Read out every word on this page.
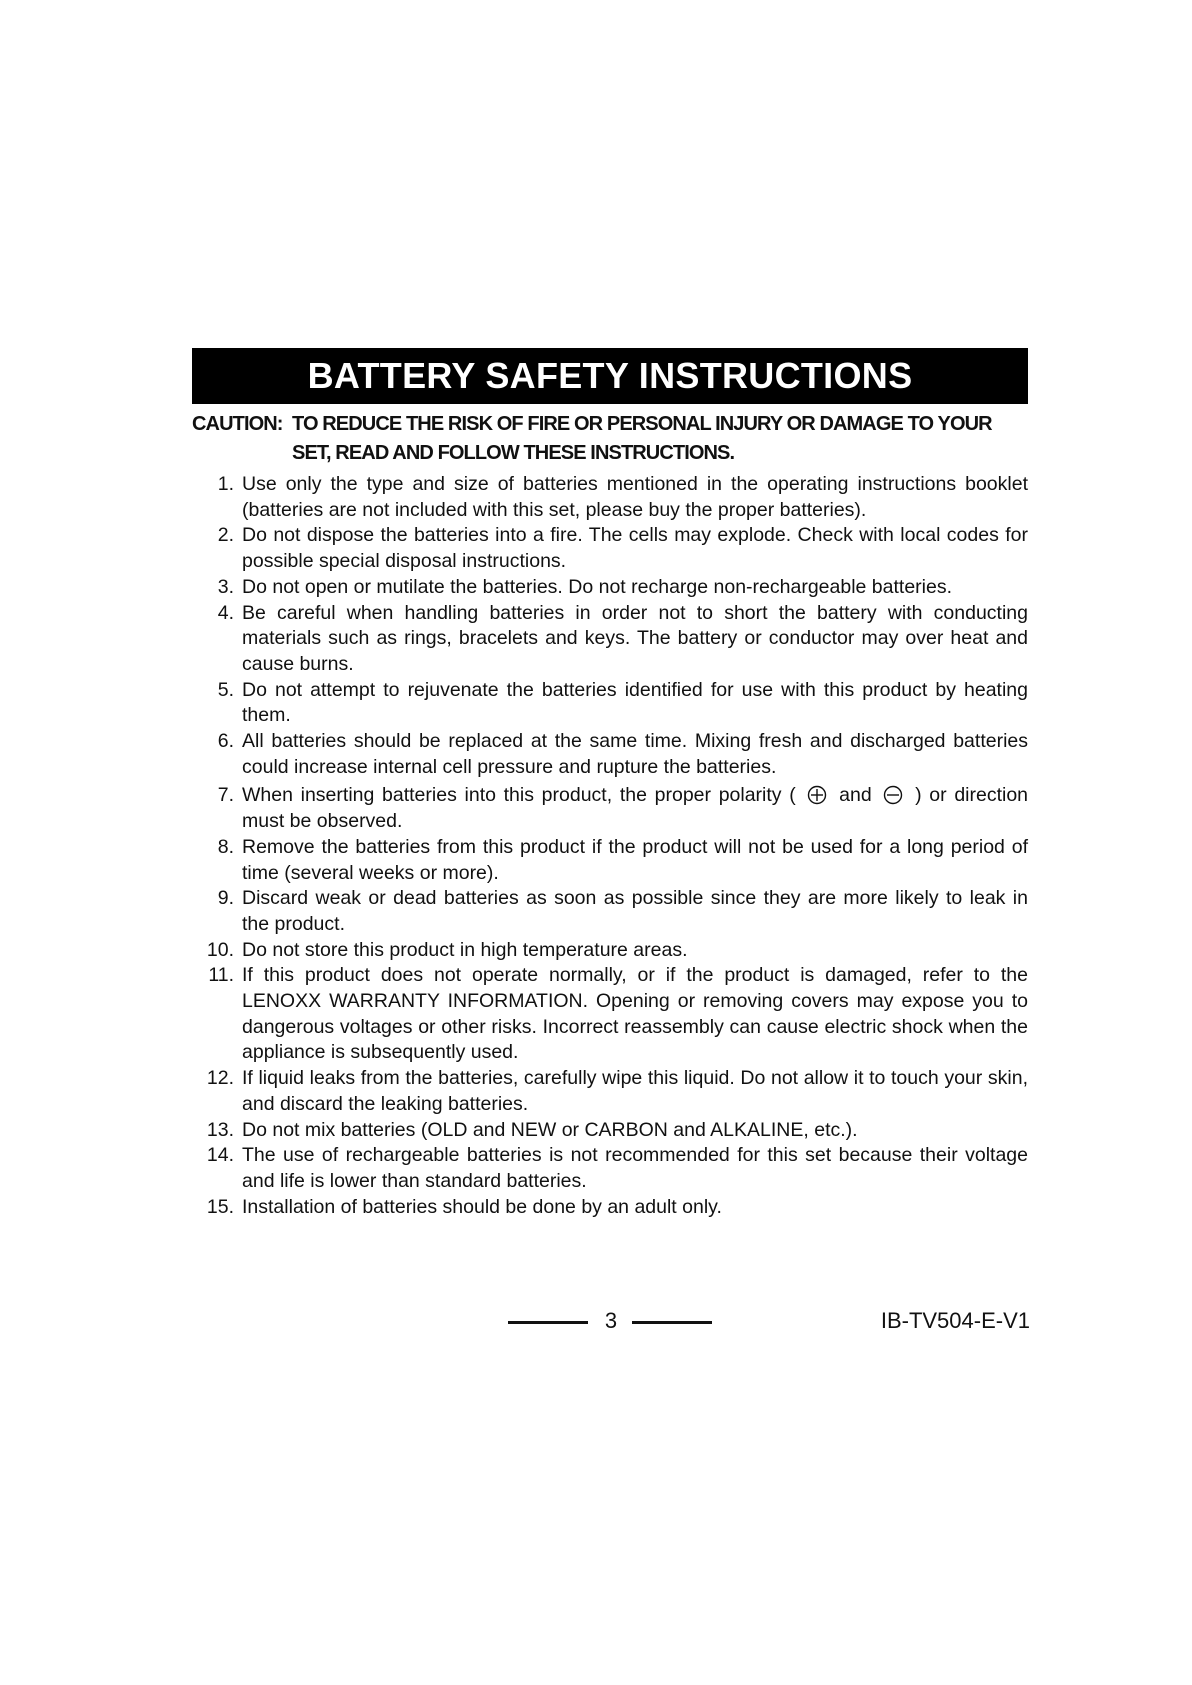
BATTERY SAFETY INSTRUCTIONS
CAUTION: TO REDUCE THE RISK OF FIRE OR PERSONAL INJURY OR DAMAGE TO YOUR SET, READ AND FOLLOW THESE INSTRUCTIONS.
1. Use only the type and size of batteries mentioned in the operating instructions booklet (batteries are not included with this set, please buy the proper batteries).
2. Do not dispose the batteries into a fire. The cells may explode. Check with local codes for possible special disposal instructions.
3. Do not open or mutilate the batteries. Do not recharge non-rechargeable batteries.
4. Be careful when handling batteries in order not to short the battery with conducting materials such as rings, bracelets and keys. The battery or conductor may over heat and cause burns.
5. Do not attempt to rejuvenate the batteries identified for use with this product by heating them.
6. All batteries should be replaced at the same time. Mixing fresh and discharged batteries could increase internal cell pressure and rupture the batteries.
7. When inserting batteries into this product, the proper polarity ( and ) or direction must be observed.
8. Remove the batteries from this product if the product will not be used for a long period of time (several weeks or more).
9. Discard weak or dead batteries as soon as possible since they are more likely to leak in the product.
10. Do not store this product in high temperature areas.
11. If this product does not operate normally, or if the product is damaged, refer to the LENOXX WARRANTY INFORMATION. Opening or removing covers may expose you to dangerous voltages or other risks. Incorrect reassembly can cause electric shock when the appliance is subsequently used.
12. If liquid leaks from the batteries, carefully wipe this liquid. Do not allow it to touch your skin, and discard the leaking batteries.
13. Do not mix batteries (OLD and NEW or CARBON and ALKALINE, etc.).
14. The use of rechargeable batteries is not recommended for this set because their voltage and life is lower than standard batteries.
15. Installation of batteries should be done by an adult only.
3	IB-TV504-E-V1
